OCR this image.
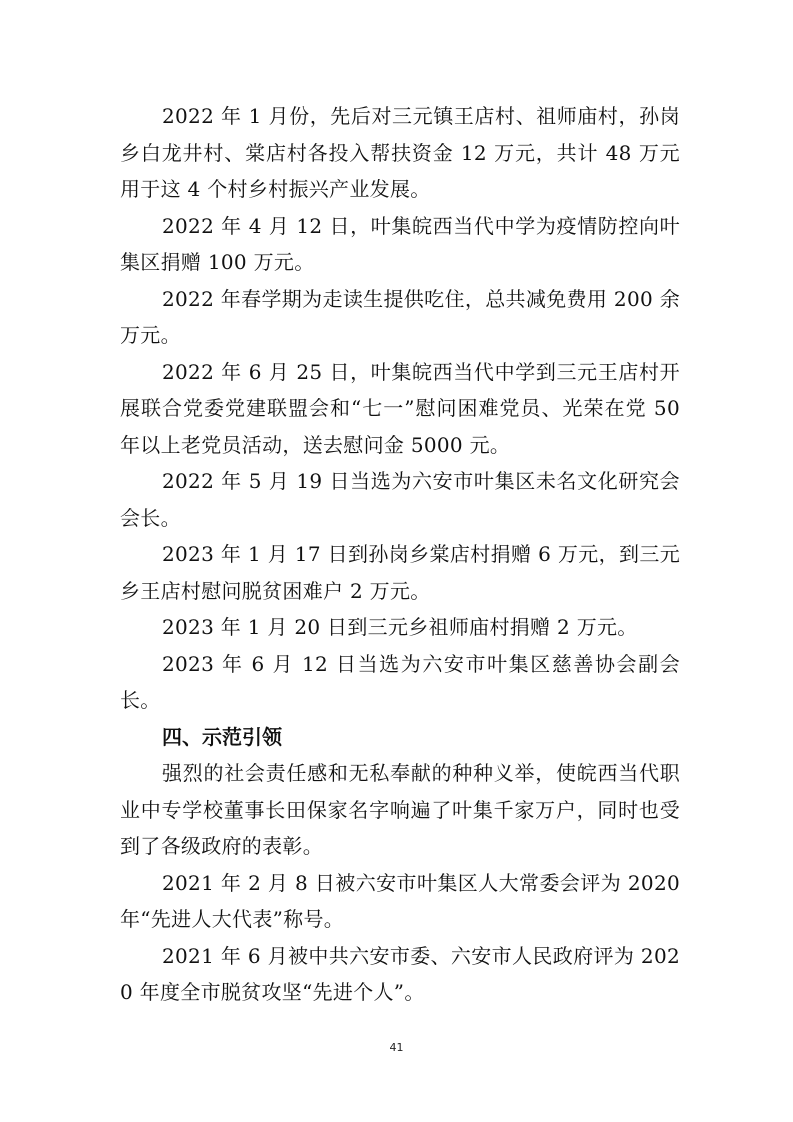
2022 年 1 月份，先后对三元镇王店村、祖师庙村，孙岗乡白龙井村、棠店村各投入帮扶资金 12 万元，共计 48 万元用于这 4 个村乡村振兴产业发展。

2022 年 4 月 12 日，叶集皖西当代中学为疫情防控向叶集区捐赠 100 万元。

2022 年春学期为走读生提供吃住，总共减免费用 200 余万元。

2022 年 6 月 25 日，叶集皖西当代中学到三元王店村开展联合党委党建联盟会和“七一”慰问困难党员、光荣在党 50 年以上老党员活动，送去慰问金 5000 元。

2022 年 5 月 19 日当选为六安市叶集区未名文化研究会会长。

2023 年 1 月 17 日到孙岗乡棠店村捐赠 6 万元，到三元乡王店村慰问脱贫困难户 2 万元。

2023 年 1 月 20 日到三元乡祖师庙村捐赠 2 万元。

2023 年 6 月 12 日当选为六安市叶集区慈善协会副会长。

四、示范引领

强烈的社会责任感和无私奉献的种种义举，使皖西当代职业中专学校董事长田保家名字响遍了叶集千家万户，同时也受到了各级政府的表彰。

2021 年 2 月 8 日被六安市叶集区人大常委会评为 2020 年“先进人大代表”称号。

2021 年 6 月被中共六安市委、六安市人民政府评为 2020 年度全市脱贫攻坚“先进个人”。

41
